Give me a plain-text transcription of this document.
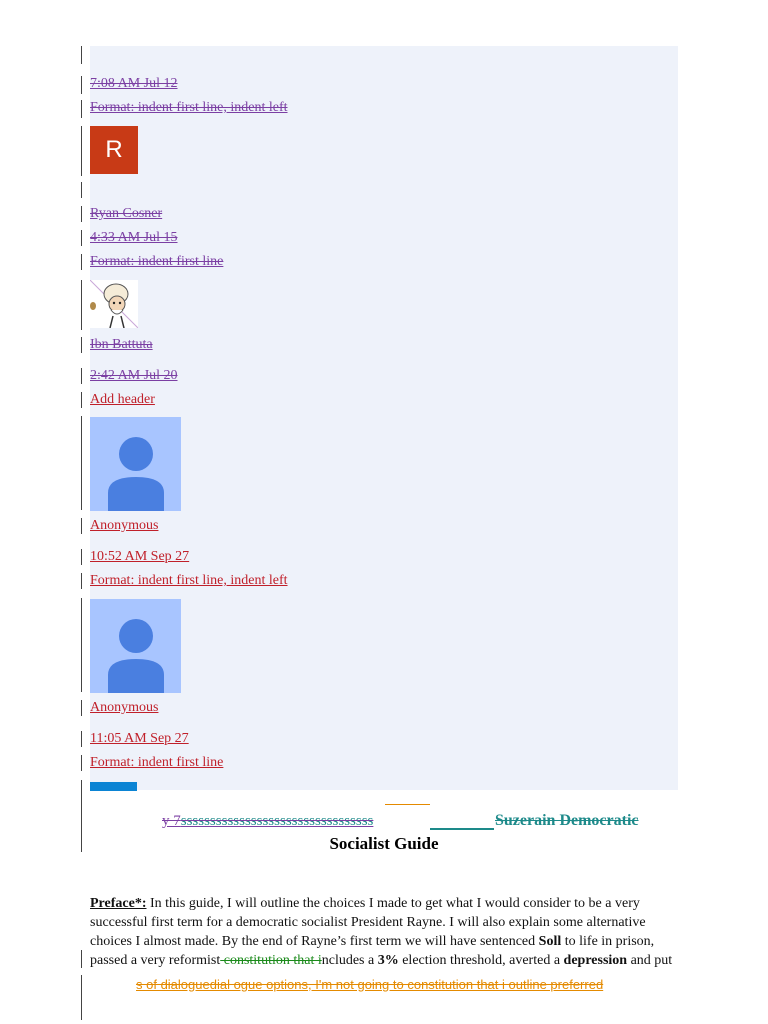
7:08 AM Jul 12
Format: indent first line, indent left
R
Ryan Cosner
4:33 AM Jul 15
Format: indent first line
Ibn Battuta
2:42 AM Jul 20
Add header
Anonymous
10:52 AM Sep 27
Format: indent first line, indent left
Anonymous
11:05 AM Sep 27
Format: indent first line
y 7sssssssssssssssssssssssssssssssss	Suzerain Democratic
Socialist Guide
Preface*: In this guide, I will outline the choices I made to get what I would consider to be a very successful first term for a democratic socialist President Rayne. I will also explain some alternative choices I almost made. By the end of Rayne’s first term we will have sentenced Soll to life in prison, passed a very reformist constitution that includes a 3% election threshold, averted a depression and put
s of dialoguedial ogue options, I'm not going to constitution that i outline preferred
